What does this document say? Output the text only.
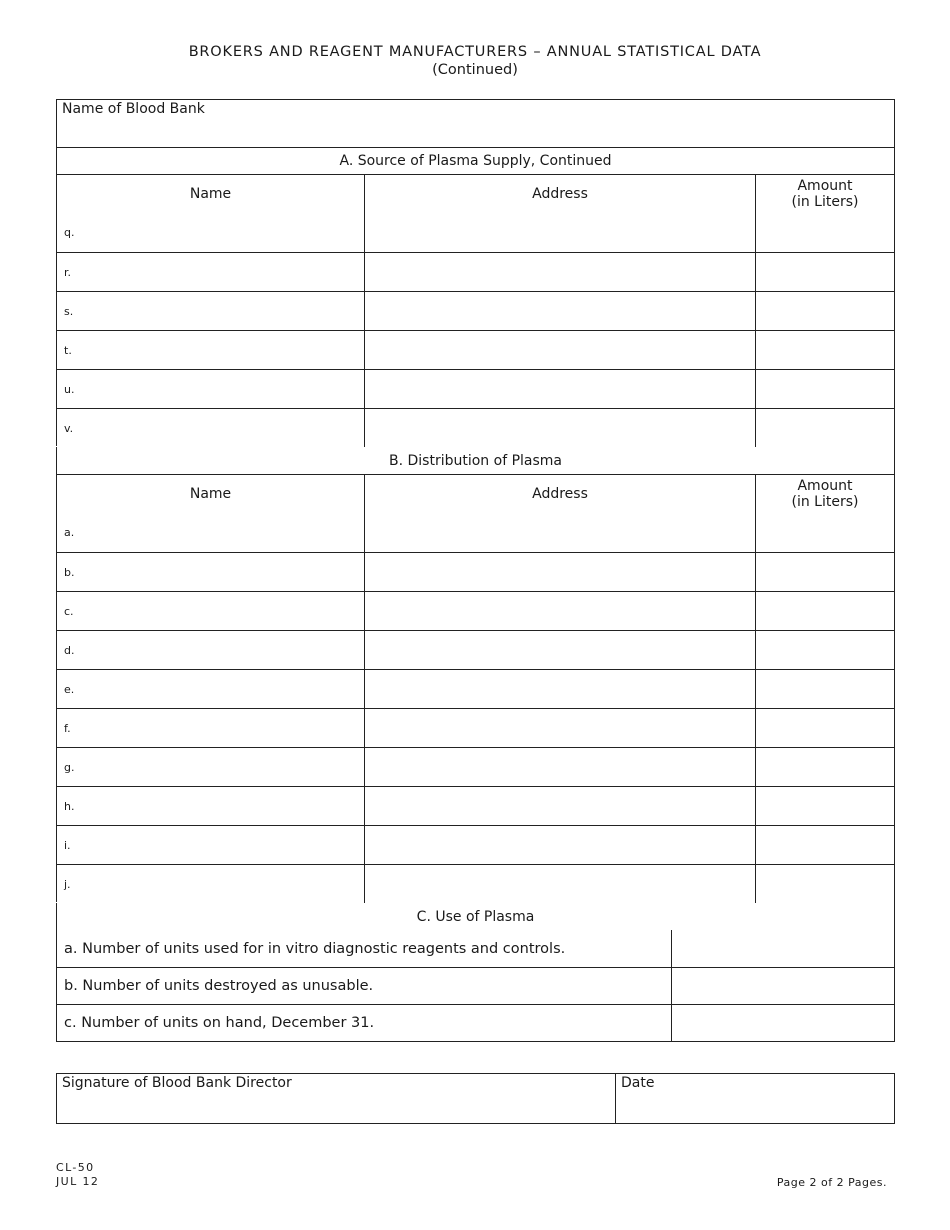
BROKERS AND REAGENT MANUFACTURERS – ANNUAL STATISTICAL DATA
(Continued)
Name of Blood Bank
A. Source of Plasma Supply, Continued
Name	Address	Amount
(in Liters)
q.
r.
s.
t.
u.
v.
B. Distribution of Plasma
Name	Address	Amount
(in Liters)
a.
b.
c.
d.
e.
f.
g.
h.
i.
j.
C. Use of Plasma
a. Number of units used for in vitro diagnostic reagents and controls.
b. Number of units destroyed as unusable.
c. Number of units on hand, December 31.
Signature of Blood Bank Director	Date
CL-50
JUL 12	Page 2 of 2 Pages.
